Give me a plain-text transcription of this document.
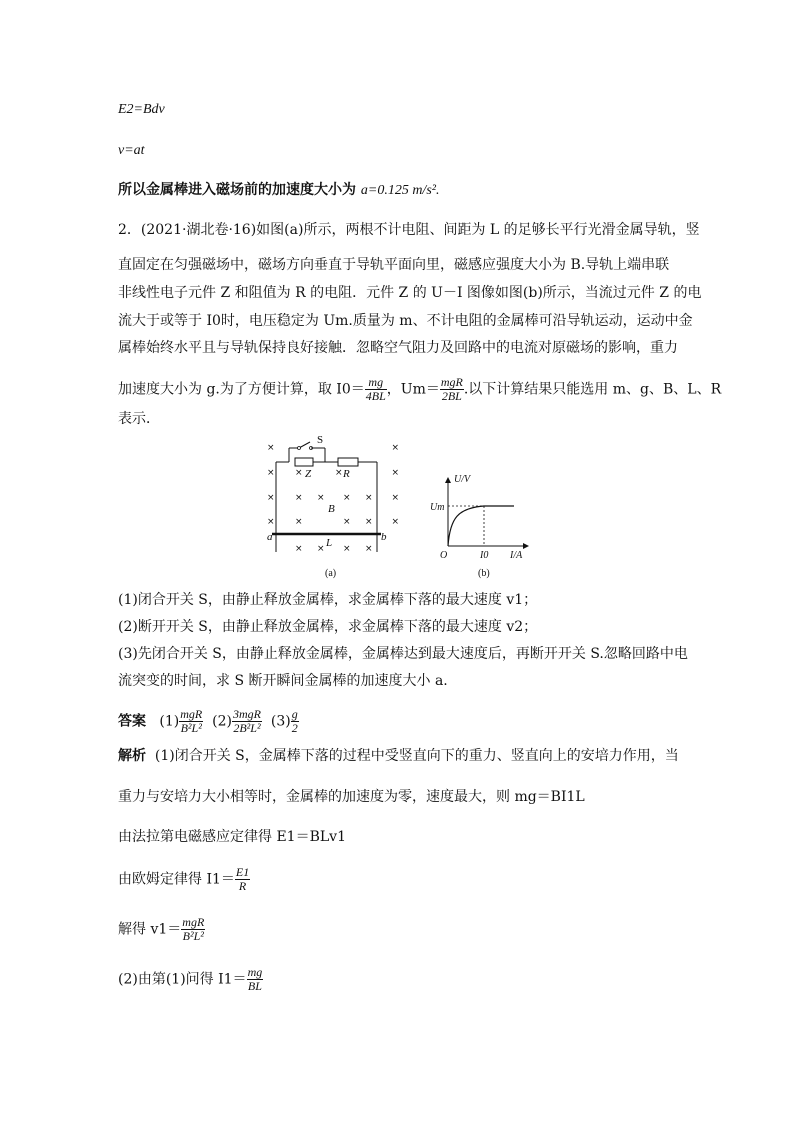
E2=Bdv
v=at
所以金属棒进入磁场前的加速度大小为 a=0.125 m/s².
2．(2021·湖北卷·16)如图(a)所示，两根不计电阻、间距为 L 的足够长平行光滑金属导轨，竖
直固定在匀强磁场中，磁场方向垂直于导轨平面向里，磁感应强度大小为 B.导轨上端串联
非线性电子元件 Z 和阻值为 R 的电阻．元件 Z 的 U－I 图像如图(b)所示，当流过元件 Z 的电
流大于或等于 I0时，电压稳定为 Um.质量为 m、不计电阻的金属棒可沿导轨运动，运动中金
属棒始终水平且与导轨保持良好接触．忽略空气阻力及回路中的电流对原磁场的影响，重力
加速度大小为 g.为了方便计算，取 $I0= \frac{mg}{4BL}$ ，$Um= \frac{\text{mgR}}{2BL}$ .以下计算结果只能选用 m、g、B、L、R
表示．
×	×
× ×	×	×
× × × × × ×
× ×	× × ×
× × × ×
S
Z	R
B
L
a	b
(a)
U/V
I/A
O
Um
I0
(b)
(1)闭合开关 S，由静止释放金属棒，求金属棒下落的最大速度 v1；
(2)断开开关 S，由静止释放金属棒，求金属棒下落的最大速度 v2；
(3)先闭合开关 S，由静止释放金属棒，金属棒达到最大速度后，再断开开关 S.忽略回路中电
流突变的时间，求 S 断开瞬间金属棒的加速度大小 a.
答案 $(1) \frac{\text{mgR}}{\text{B²L²}} (2) \frac{\text{3mgR}}{\text{2B²L²}} (3) \frac{g}{2}$
解析 (1)闭合开关 S，金属棒下落的过程中受竖直向下的重力、竖直向上的安培力作用，当
重力与安培力大小相等时，金属棒的加速度为零，速度最大，则 mg＝BI1L
由法拉第电磁感应定律得 E1＝BLv1
由欧姆定律得 $I1= \frac{E1}{R}$
解得 $v1= \frac{\text{mgR}}{\text{B²L²}}$
(2)由第(1)问得 $I1= \frac{mg}{BL}$
